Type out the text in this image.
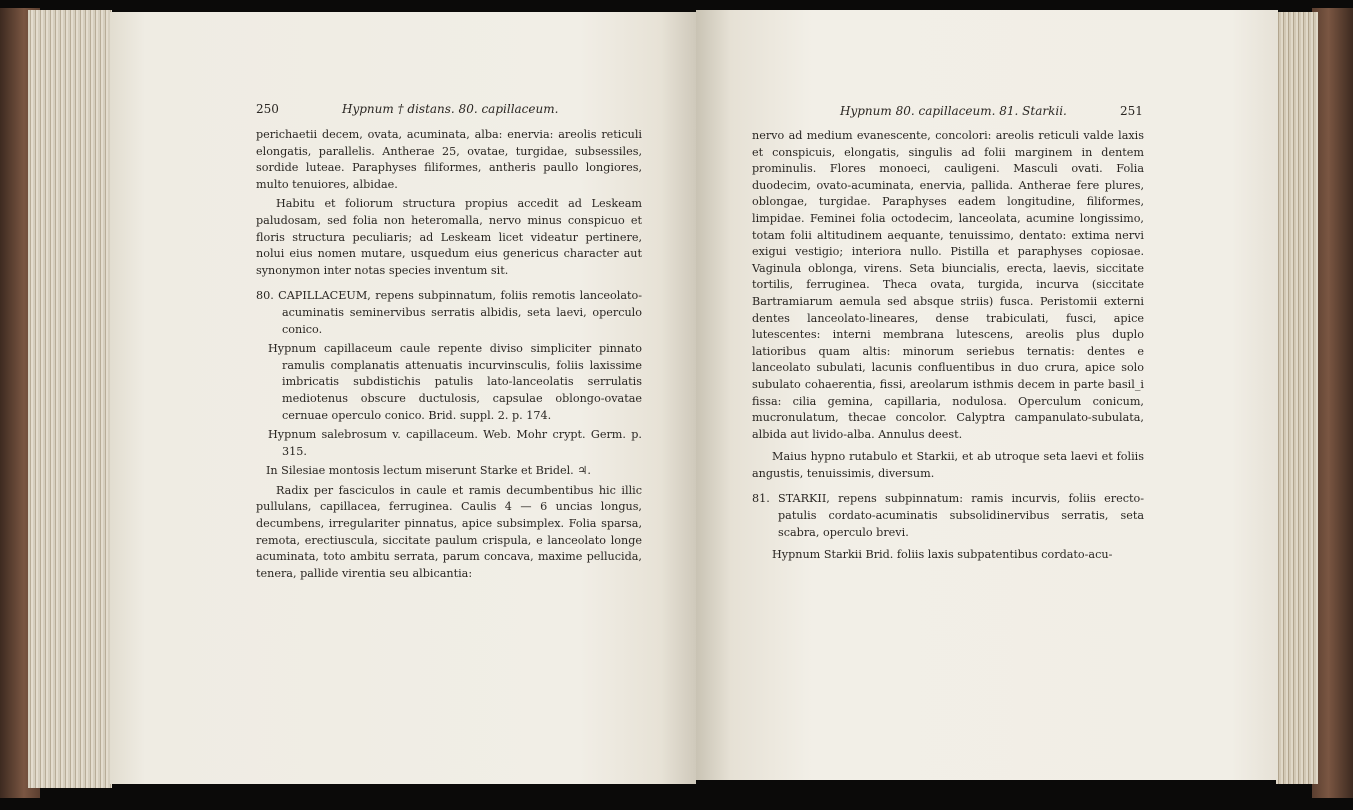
250	Hypnum † distans. 80. capillaceum.

perichaetii decem, ovata, acuminata, alba: enervia: areolis reticuli elongatis, parallelis. Antherae 25, ovatae, turgidae, subsessiles, sordide luteae. Paraphyses filiformes, antheris paullo longiores, multo tenuiores, albidae.

Habitu et foliorum structura propius accedit ad Leskeam paludosam, sed folia non heteromalla, nervo minus conspicuo et floris structura peculiaris; ad Leskeam licet videatur pertinere, nolui eius nomen mutare, usquedum eius genericus character aut synonymon inter notas species inventum sit.

80. CAPILLACEUM, repens subpinnatum, foliis remotis lanceolato-acuminatis seminervibus serratis albidis, seta laevi, operculo conico.

Hypnum capillaceum caule repente diviso simpliciter pinnato ramulis complanatis attenuatis incurvinsculis, foliis laxissime imbricatis subdistichis patulis lato-lanceolatis serrulatis mediotenus obscure ductulosis, capsulae oblongo-ovatae cernuae operculo conico. Brid. suppl. 2. p. 174.

Hypnum salebrosum v. capillaceum. Web. Mohr crypt. Germ. p. 315.

In Silesiae montosis lectum miserunt Starke et Bridel. ♃.

Radix per fasciculos in caule et ramis decumbentibus hic illic pullulans, capillacea, ferruginea. Caulis 4 — 6 uncias longus, decumbens, irregulariter pinnatus, apice subsimplex. Folia sparsa, remota, erectiuscula, siccitate paulum crispula, e lanceolato longe acuminata, toto ambitu serrata, parum concava, maxime pellucida, tenera, pallide virentia seu albicantia:

Hypnum 80. capillaceum. 81. Starkii.	251

nervo ad medium evanescente, concolori: areolis reticuli valde laxis et conspicuis, elongatis, singulis ad folii marginem in dentem prominulis. Flores monoeci, cauligeni. Masculi ovati. Folia duodecim, ovato-acuminata, enervia, pallida. Antherae fere plures, oblongae, turgidae. Paraphyses eadem longitudine, filiformes, limpidae. Feminei folia octodecim, lanceolata, acumine longissimo, totam folii altitudinem aequante, tenuissimo, dentato: extima nervi exigui vestigio; interiora nullo. Pistilla et paraphyses copiosae. Vaginula oblonga, virens. Seta biuncialis, erecta, laevis, siccitate tortilis, ferruginea. Theca ovata, turgida, incurva (siccitate Bartramiarum aemula sed absque striis) fusca. Peristomii externi dentes lanceolato-lineares, dense trabiculati, fusci, apice lutescentes: interni membrana lutescens, areolis plus duplo latioribus quam altis: minorum seriebus ternatis: dentes e lanceolato subulati, lacunis confluentibus in duo crura, apice solo subulato cohaerentia, fissi, areolarum isthmis decem in parte basil_i fissa: cilia gemina, capillaria, nodulosa. Operculum conicum, mucronulatum, thecae concolor. Calyptra campanulato-subulata, albida aut livido-alba. Annulus deest.

Maius hypno rutabulo et Starkii, et ab utroque seta laevi et foliis angustis, tenuissimis, diversum.

81. STARKII, repens subpinnatum: ramis incurvis, foliis erecto-patulis cordato-acuminatis subsolidinervibus serratis, seta scabra, operculo brevi.

Hypnum Starkii Brid. foliis laxis subpatentibus cordato-acu-
